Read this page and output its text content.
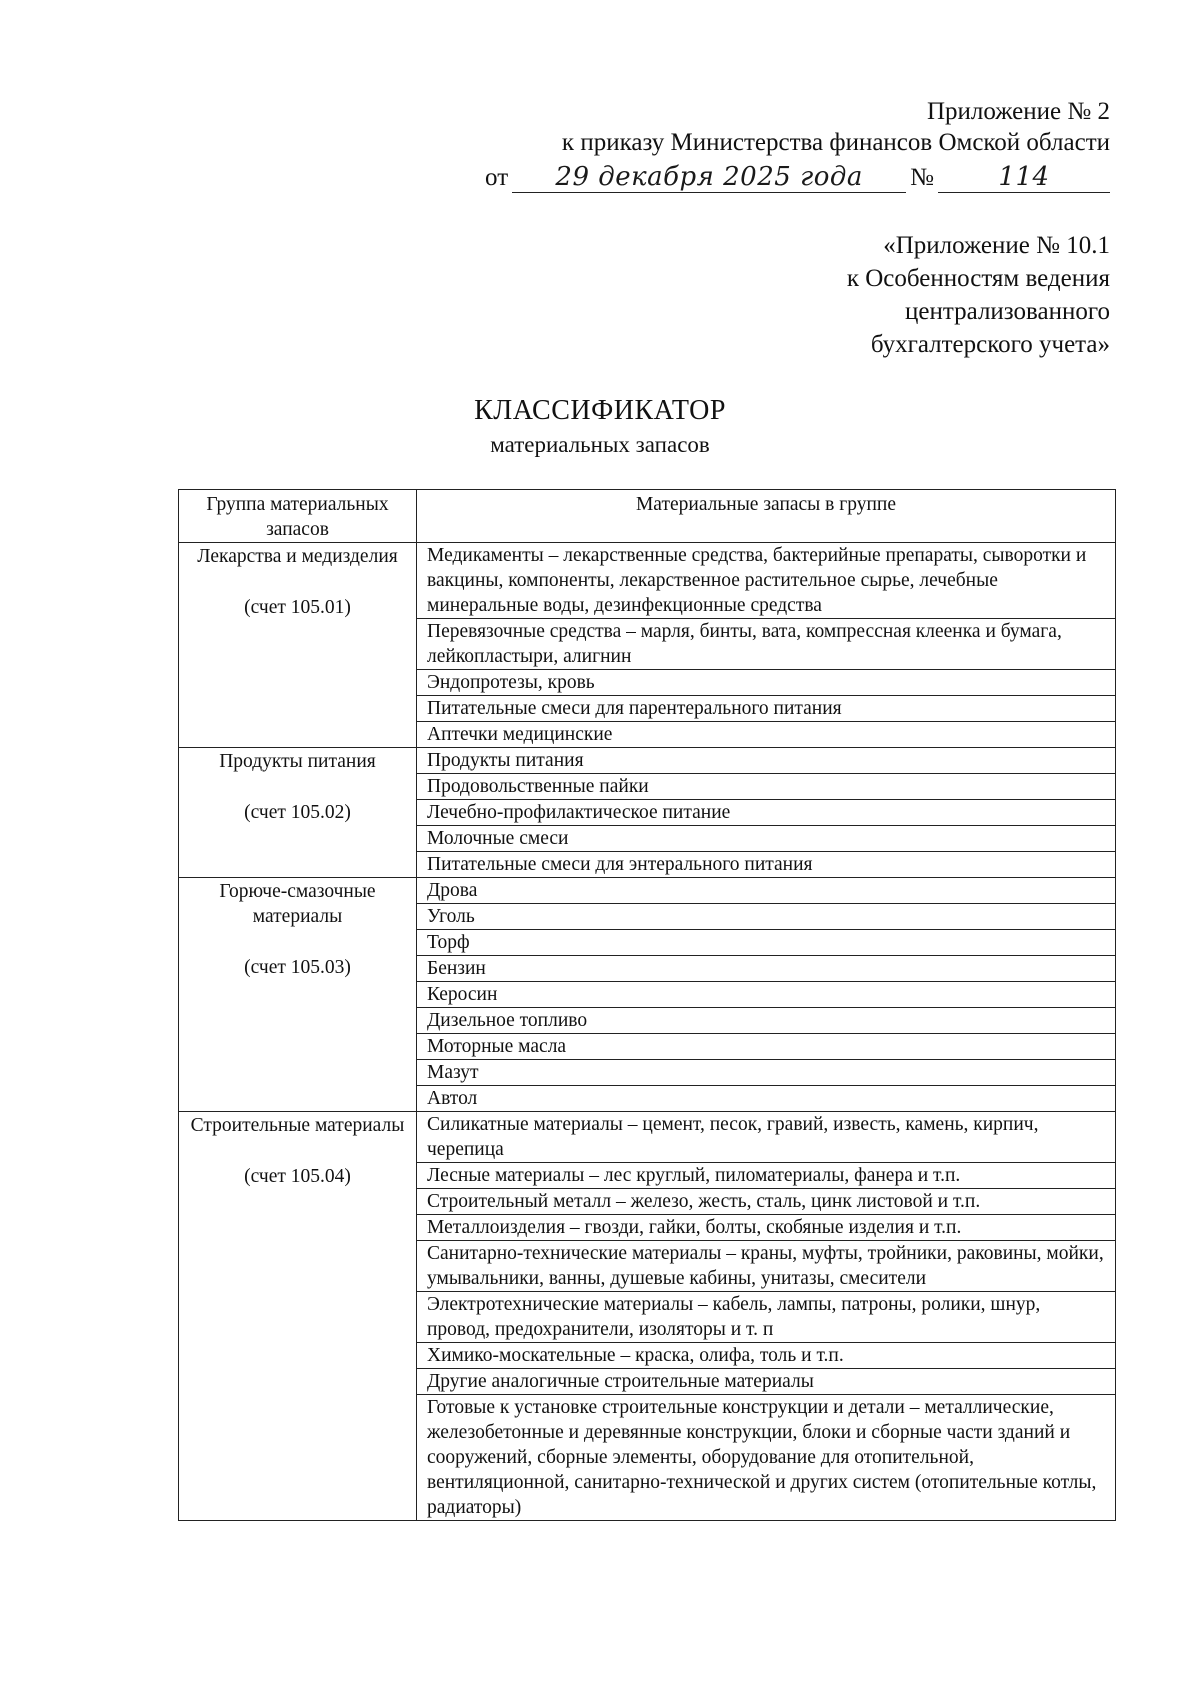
Приложение № 2
к приказу Министерства финансов Омской области
от	29 декабря 2025 года	№	114
«Приложение № 10.1
к Особенностям ведения
централизованного
бухгалтерского учета»
КЛАССИФИКАТОР
материальных запасов
Группа материальных запасов	Материальные запасы в группе

Лекарства и медизделия
(счет 105.01)	Медикаменты – лекарственные средства, бактерийные препараты, сыворотки и вакцины, компоненты, лекарственное растительное сырье, лечебные минеральные воды, дезинфекционные средства
	Перевязочные средства – марля, бинты, вата, компрессная клеенка и бумага, лейкопластыри, алигнин
	Эндопротезы, кровь
	Питательные смеси для парентерального питания
	Аптечки медицинские

Продукты питания
(счет 105.02)	Продукты питания
	Продовольственные пайки
	Лечебно-профилактическое питание
	Молочные смеси
	Питательные смеси для энтерального питания

Горюче-смазочные материалы
(счет 105.03)	Дрова
	Уголь
	Торф
	Бензин
	Керосин
	Дизельное топливо
	Моторные масла
	Мазут
	Автол

Строительные материалы
(счет 105.04)	Силикатные материалы – цемент, песок, гравий, известь, камень, кирпич, черепица
	Лесные материалы – лес круглый, пиломатериалы, фанера и т.п.
	Строительный металл – железо, жесть, сталь, цинк листовой и т.п.
	Металлоизделия – гвозди, гайки, болты, скобяные изделия и т.п.
	Санитарно-технические материалы – краны, муфты, тройники, раковины, мойки, умывальники, ванны, душевые кабины, унитазы, смесители
	Электротехнические материалы – кабель, лампы, патроны, ролики, шнур, провод, предохранители, изоляторы и т. п
	Химико-москательные – краска, олифа, толь и т.п.
	Другие аналогичные строительные материалы
	Готовые к установке строительные конструкции и детали – металлические, железобетонные и деревянные конструкции, блоки и сборные части зданий и сооружений, сборные элементы, оборудование для отопительной, вентиляционной, санитарно-технической и других систем (отопительные котлы, радиаторы)
